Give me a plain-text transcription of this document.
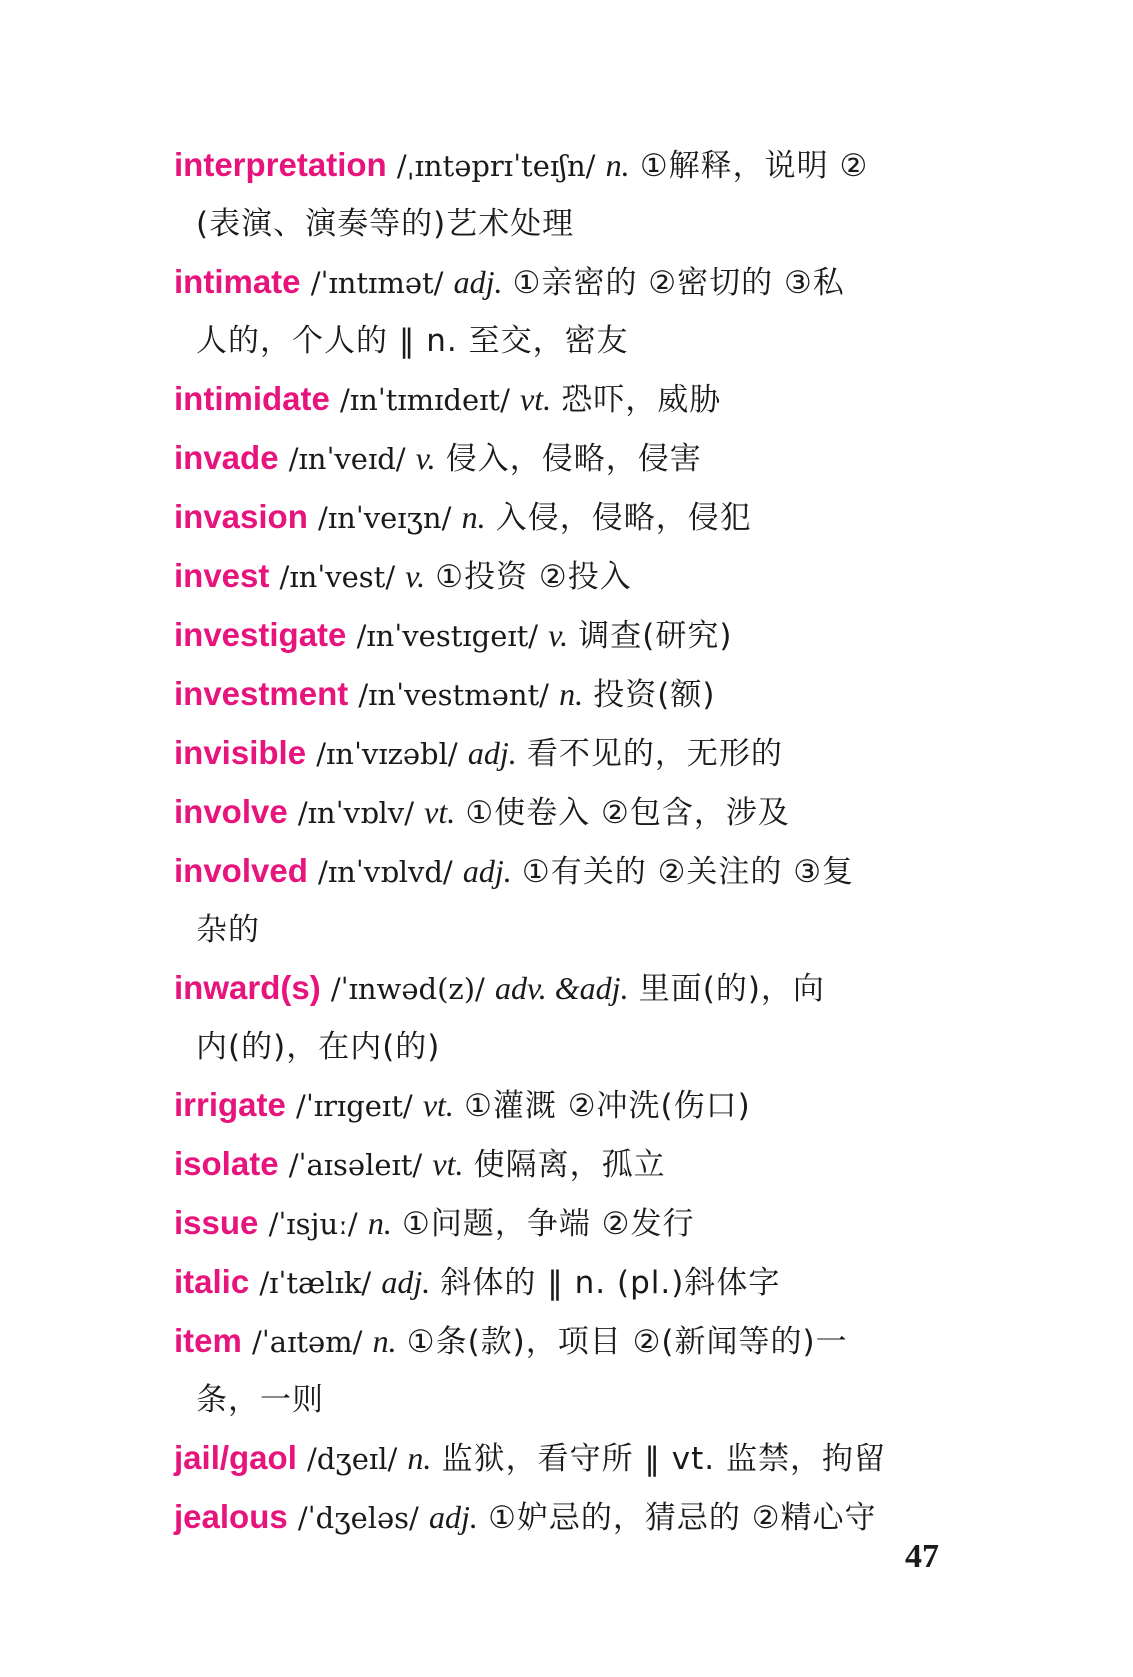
interpretation /ˌɪntəprɪˈteɪʃn/ n. ①解释，说明 ②
(表演、演奏等的)艺术处理

intimate /ˈɪntɪmət/ adj. ①亲密的 ②密切的 ③私
人的，个人的 ‖ n. 至交，密友

intimidate /ɪnˈtɪmɪdeɪt/ vt. 恐吓，威胁

invade /ɪnˈveɪd/ v. 侵入，侵略，侵害

invasion /ɪnˈveɪʒn/ n. 入侵，侵略，侵犯

invest /ɪnˈvest/ v. ①投资 ②投入

investigate /ɪnˈvestɪgeɪt/ v. 调查(研究)

investment /ɪnˈvestmənt/ n. 投资(额)

invisible /ɪnˈvɪzəbl/ adj. 看不见的，无形的

involve /ɪnˈvɒlv/ vt. ①使卷入 ②包含，涉及

involved /ɪnˈvɒlvd/ adj. ①有关的 ②关注的 ③复
杂的

inward(s) /ˈɪnwəd(z)/ adv. &adj. 里面(的)，向
内(的)，在内(的)

irrigate /ˈɪrɪgeɪt/ vt. ①灌溉 ②冲洗(伤口)

isolate /ˈaɪsəleɪt/ vt. 使隔离，孤立

issue /ˈɪsjuː/ n. ①问题，争端 ②发行

italic /ɪˈtælɪk/ adj. 斜体的 ‖ n. (pl.)斜体字

item /ˈaɪtəm/ n. ①条(款)，项目 ②(新闻等的)一
条，一则

jail/gaol /dʒeɪl/ n. 监狱，看守所 ‖ vt. 监禁，拘留

jealous /ˈdʒeləs/ adj. ①妒忌的，猜忌的 ②精心守

47
